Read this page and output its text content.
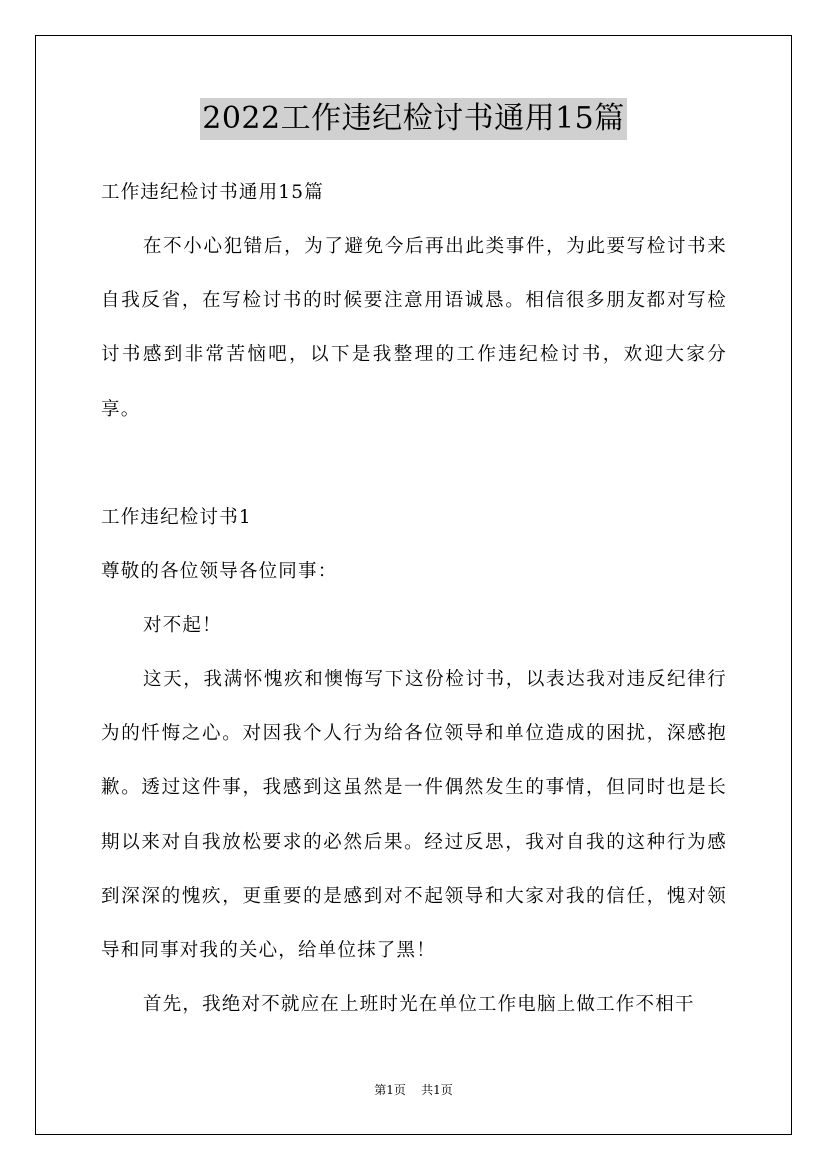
2022工作违纪检讨书通用15篇

工作违纪检讨书通用15篇

在不小心犯错后，为了避免今后再出此类事件，为此要写检讨书来自我反省，在写检讨书的时候要注意用语诚恳。相信很多朋友都对写检讨书感到非常苦恼吧，以下是我整理的工作违纪检讨书，欢迎大家分享。

工作违纪检讨书1

尊敬的各位领导各位同事：

对不起！

这天，我满怀愧疚和懊悔写下这份检讨书，以表达我对违反纪律行为的忏悔之心。对因我个人行为给各位领导和单位造成的困扰，深感抱歉。透过这件事，我感到这虽然是一件偶然发生的事情，但同时也是长期以来对自我放松要求的必然后果。经过反思，我对自我的这种行为感到深深的愧疚，更重要的是感到对不起领导和大家对我的信任，愧对领导和同事对我的关心，给单位抹了黑！

首先，我绝对不就应在上班时光在单位工作电脑上做工作不相干

第1页 共1页
